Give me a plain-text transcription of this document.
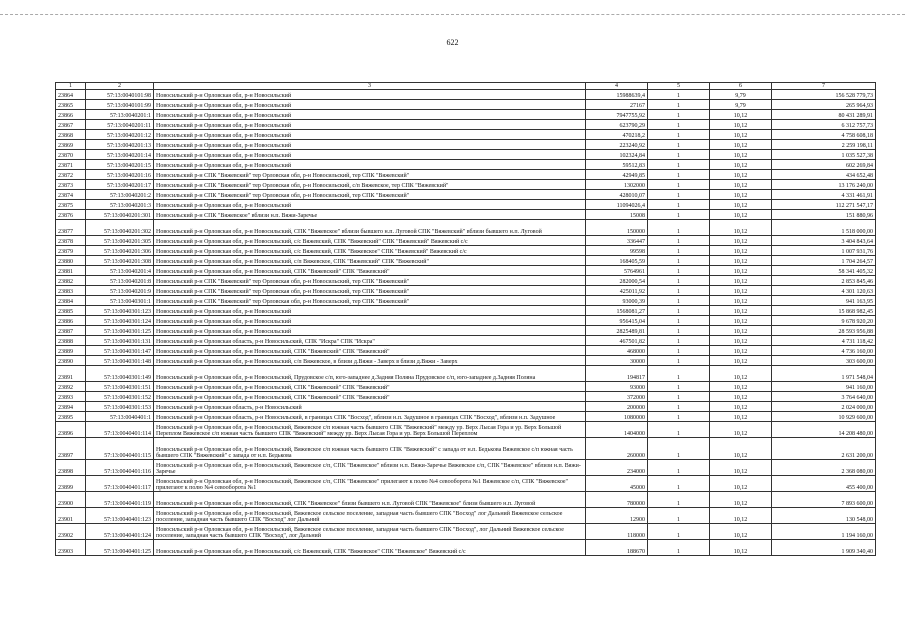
622
1	2	3	4	5	6	7
23864	57:13:0040101:98	Новосильский р-н Орловская обл, р-н Новосильский	15988639,4	1	9,79	156 528 779,73
23865	57:13:0040101:99	Новосильский р-н Орловская обл, р-н Новосильский	27167	1	9,79	265 964,93
23866	57:13:0040201:1	Новосильский р-н Орловская обл, р-н Новосильский	7947755,92	1	10,12	80 431 289,91
23867	57:13:0040201:11	Новосильский р-н Орловская обл, р-н Новосильский	623790,29	1	10,12	6 312 757,73
23868	57:13:0040201:12	Новосильский р-н Орловская обл, р-н Новосильский	470218,2	1	10,12	4 758 608,18
23869	57:13:0040201:13	Новосильский р-н Орловская обл, р-н Новосильский	223240,92	1	10,12	2 259 198,11
23870	57:13:0040201:14	Новосильский р-н Орловская обл, р-н Новосильский	102324,84	1	10,12	1 035 527,38
23871	57:13:0040201:15	Новосильский р-н Орловская обл, р-н Новосильский	59512,83	1	10,12	602 269,84
23872	57:13:0040201:16	Новосильский р-н СПК "Вяжевский" тер Орловская обл, р-н Новосильский, тер СПК "Вяжевский"	42949,85	1	10,12	434 652,48
23873	57:13:0040201:17	Новосильский р-н СПК "Вяжевский" тер Орловская обл, р-н Новосильский, с/п Вяжевское, тер СПК "Вяжевский"	1302000	1	10,12	13 176 240,00
23874	57:13:0040201:2	Новосильский р-н СПК "Вяжевский" тер Орловская обл, р-н Новосильский, тер СПК "Вяжевский"	428010,07	1	10,12	4 331 461,91
23875	57:13:0040201:3	Новосильский р-н Орловская обл, р-н Новосильский	11094026,4	1	10,12	112 271 547,17
23876	57:13:0040201:301	Новосильский р-н СПК "Вяжевское" вблизи н.п. Вяжи-Заречье	15008	1	10,12	151 880,96
23877	57:13:0040201:302	Новосильский р-н Орловская обл, р-н Новосильский, СПК "Вяжевское" вблизи бывшего н.п. Луговой СПК "Вяжевский" вблизи бывшего н.п. Луговой	150000	1	10,12	1 518 000,00
23878	57:13:0040201:305	Новосильский р-н Орловская обл, р-н Новосильский, с/с Вяжевский, СПК "Вяжевский" СПК "Вяжевский" Вяжевский с/с	336447	1	10,12	3 404 843,64
23879	57:13:0040201:306	Новосильский р-н Орловская обл, р-н Новосильский, с/с Вяжевский, СПК "Вяжевское" СПК "Вяжевский" Вяжевский с/с	99598	1	10,12	1 007 931,76
23880	57:13:0040201:308	Новосильский р-н Орловская обл, р-н Новосильский, с/п Вяжевское, СПК "Вяжевский" СПК "Вяжевский"	168405,59	1	10,12	1 704 264,57
23881	57:13:0040201:4	Новосильский р-н Орловская обл, р-н Новосильский, СПК "Вяжевский" СПК "Вяжевский"	5764961	1	10,12	58 341 405,32
23882	57:13:0040201:8	Новосильский р-н СПК "Вяжевский" тер Орловская обл, р-н Новосильский, тер СПК "Вяжевский"	282000,54	1	10,12	2 853 845,46
23883	57:13:0040201:9	Новосильский р-н СПК "Вяжевский" тер Орловская обл, р-н Новосильский, тер СПК "Вяжевский"	425011,92	1	10,12	4 301 120,63
23884	57:13:0040301:1	Новосильский р-н СПК "Вяжевский" тер Орловская обл, р-н Новосильский, тер СПК "Вяжевский"	93000,39	1	10,12	941 163,95
23885	57:13:0040301:123	Новосильский р-н Орловская обл, р-н Новосильский	1568081,27	1	10,12	15 868 982,45
23886	57:13:0040301:124	Новосильский р-н Орловская обл, р-н Новосильский	956415,04	1	10,12	9 678 920,20
23887	57:13:0040301:125	Новосильский р-н Орловская обл, р-н Новосильский	2825489,81	1	10,12	28 593 956,88
23888	57:13:0040301:131	Новосильский р-н Орловская область, р-н Новосильский, СПК "Искра" СПК "Искра"	467501,82	1	10,12	4 731 118,42
23889	57:13:0040301:147	Новосильский р-н Орловская обл, р-н Новосильский, СПК "Вяжевский" СПК "Вяжевский"	468000	1	10,12	4 736 160,00
23890	57:13:0040301:148	Новосильский р-н Орловская обл, р-н Новосильский, с/п Вяжевское, в близи д.Вяжи - Заверх в близи д.Вяжи - Заверх	30000	1	10,12	303 600,00
23891	57:13:0040301:149	Новосильский р-н Орловская обл, р-н Новосильский, Прудовское с/п, юго-западнее д.Задняя Поляна Прудовское с/п, юго-западнее д.Задняя Поляна	194817	1	10,12	1 971 548,04
23892	57:13:0040301:151	Новосильский р-н Орловская обл, р-н Новосильский, СПК "Вяжевский" СПК "Вяжевский"	93000	1	10,12	941 160,00
23893	57:13:0040301:152	Новосильский р-н Орловская обл, р-н Новосильский, СПК "Вяжевский" СПК "Вяжевский"	372000	1	10,12	3 764 640,00
23894	57:13:0040301:153	Новосильский р-н Орловская область, р-н Новосильский	200000	1	10,12	2 024 000,00
23895	57:13:0040401:1	Новосильский р-н Орловская область, р-н Новосильский, в границах СПК "Восход", вблизи н.п. Задушное в границах СПК "Восход", вблизи н.п. Задушное	1080000	1	10,12	10 929 600,00
23896	57:13:0040401:114	Новосильский р-н Орловская обл, р-н Новосильский, Вяжевское с/п южная часть бывшего СПК "Вяжевский" между ур. Верх Лысая Гора и ур. Верх Большой Переплом Вяжевское с/п южная часть бывшего СПК "Вяжевский" между ур. Верх Лысая Гора и ур. Верх Большой Переплом	1404000	1	10,12	14 208 480,00
23897	57:13:0040401:115	Новосильский р-н Орловская обл, р-н Новосильский, Вяжевское с/п южная часть бывшего СПК "Вяжевский" с запада от н.п. Бедькова Вяжевское с/п южная часть бывшего СПК "Вяжевский" с запада от н.п. Бедькова	260000	1	10,12	2 631 200,00
23898	57:13:0040401:116	Новосильский р-н Орловская обл, р-н Новосильский, Вяжевское с/п, СПК "Вяжевское" вблизи н.п. Вяжи-Заречье Вяжевское с/п, СПК "Вяжевское" вблизи н.п. Вяжи-Заречье	234000	1	10,12	2 368 080,00
23899	57:13:0040401:117	Новосильский р-н Орловская обл, р-н Новосильский, Вяжевское с/п, СПК "Вяжевское" прилегают к полю №4 севооборота №1 Вяжевское с/п, СПК "Вяжевское" прилегают к полю №4 севооборота №1	45000	1	10,12	455 400,00
23900	57:13:0040401:119	Новосильский р-н Орловская обл, р-н Новосильский, СПК "Вяжевское" близи бывшего н.п. Луговой СПК "Вяжевское" близи бывшего н.п. Луговой	780000	1	10,12	7 893 600,00
23901	57:13:0040401:123	Новосильский р-н Орловская обл, р-н Новосильский, Вяжевское сельское поселение, западная часть бывшего СПК "Восход" лог Дальний Вяжевское сельское поселение, западная часть бывшего СПК "Восход" лог Дальний	12900	1	10,12	130 548,00
23902	57:13:0040401:124	Новосильский р-н Орловская обл, р-н Новосильский, Вяжевское сельское поселение, западная часть бывшего СПК "Восход", лог Дальний Вяжевское сельское поселение, западная часть бывшего СПК "Восход", лог Дальний	118000	1	10,12	1 194 160,00
23903	57:13:0040401:125	Новосильский р-н Орловская обл, р-н Новосильский, с/с Вяжевский, СПК "Вяжевское" СПК "Вяжевское" Вяжевский с/с	188670	1	10,12	1 909 340,40
